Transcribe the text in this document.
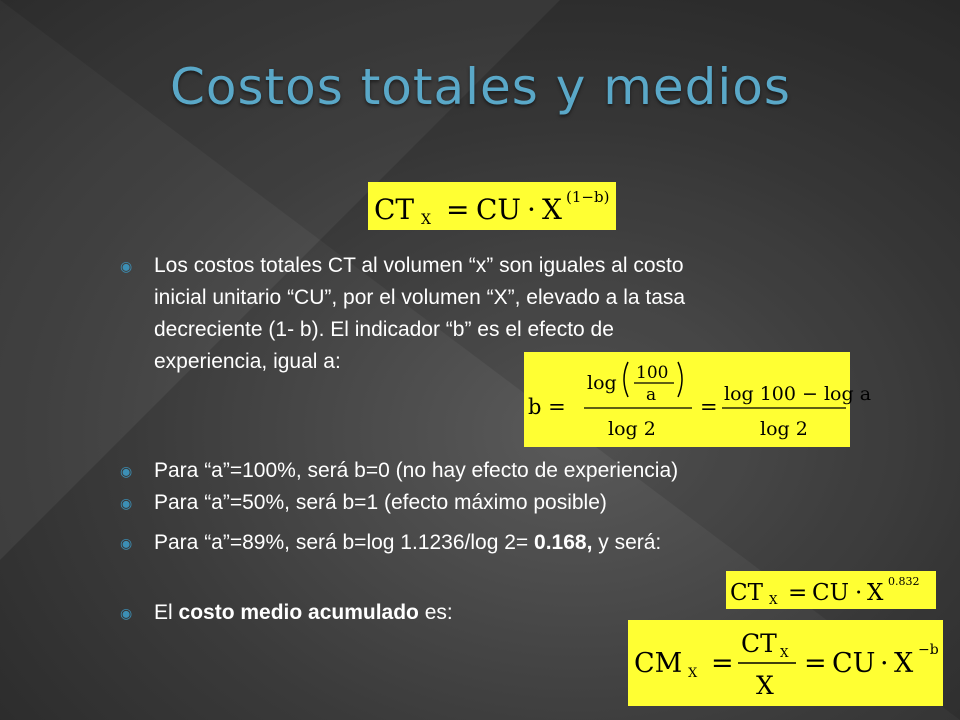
Costos totales y medios
CT X = CU · X (1−b)
◉ Los costos totales CT al volumen “x” son iguales al costo
inicial unitario “CU”, por el volumen “X”, elevado a la tasa
decreciente (1- b). El indicador “b” es el efecto de
experiencia, igual a:
b =
log 100
a
log 2
=
log 100 − log a
log 2
◉ Para “a”=100%, será b=0 (no hay efecto de experiencia)
◉ Para “a”=50%, será b=1 (efecto máximo posible)
◉ Para “a”=89%, será b=log 1.1236/log 2= 0.168, y será:
CT X = CU · X 0.832
◉ El costo medio acumulado es:
CM X =
CT X
X
= CU · X −b
